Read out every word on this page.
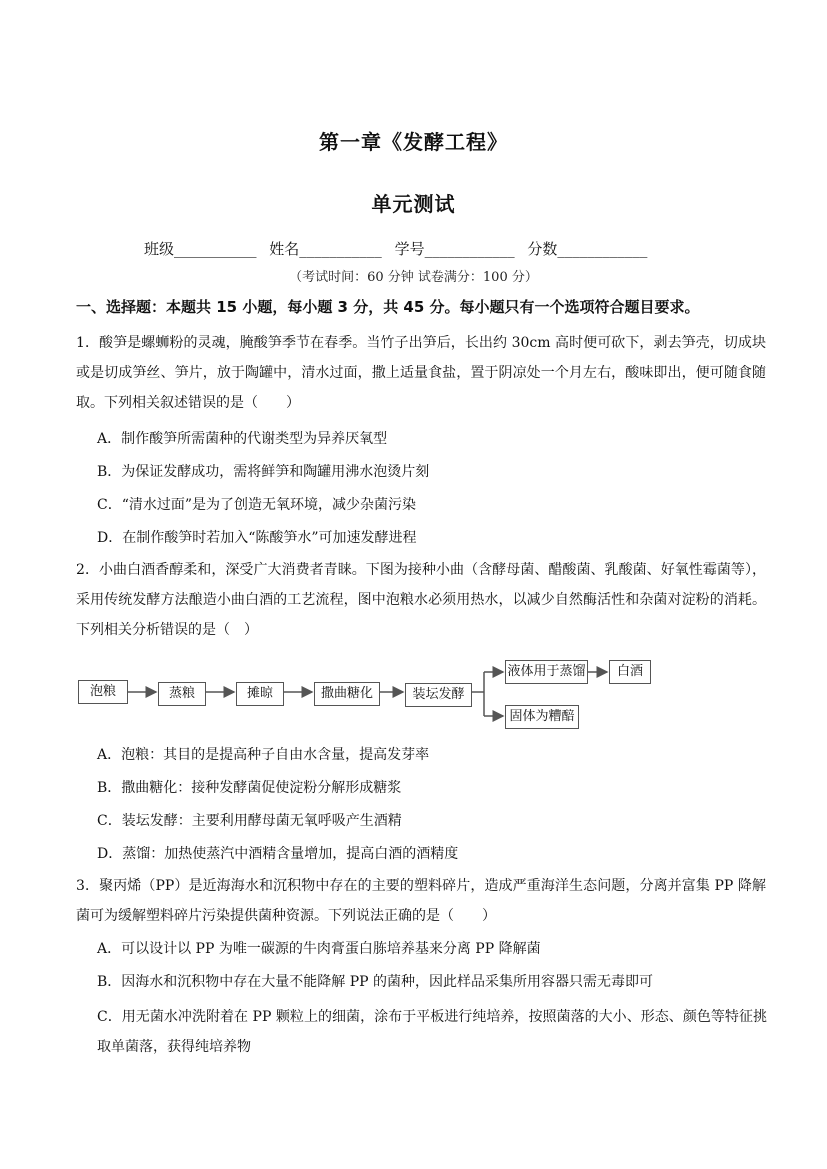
第一章《发酵工程》
单元测试
班级___________ 姓名___________ 学号____________ 分数____________
（考试时间：60 分钟 试卷满分：100 分）
一、选择题：本题共 15 小题，每小题 3 分，共 45 分。每小题只有一个选项符合题目要求。
1．酸笋是螺蛳粉的灵魂，腌酸笋季节在春季。当竹子出笋后，长出约 30cm 高时便可砍下，剥去笋壳，切成块或是切成笋丝、笋片，放于陶罐中，清水过面，撒上适量食盐，置于阴凉处一个月左右，酸味即出，便可随食随取。下列相关叙述错误的是（　　）
A．制作酸笋所需菌种的代谢类型为异养厌氧型
B．为保证发酵成功，需将鲜笋和陶罐用沸水泡烫片刻
C．“清水过面”是为了创造无氧环境，减少杂菌污染
D．在制作酸笋时若加入“陈酸笋水”可加速发酵进程
2．小曲白酒香醇柔和，深受广大消费者青睐。下图为接种小曲（含酵母菌、醋酸菌、乳酸菌、好氧性霉菌等），采用传统发酵方法酿造小曲白酒的工艺流程，图中泡粮水必须用热水，以减少自然酶活性和杂菌对淀粉的消耗。下列相关分析错误的是（　）
泡粮	蒸粮	摊晾	撒曲糖化	装坛发酵
液体用于蒸馏	白酒
固体为糟醅
A．泡粮：其目的是提高种子自由水含量，提高发芽率
B．撒曲糖化：接种发酵菌促使淀粉分解形成糖浆
C．装坛发酵：主要利用酵母菌无氧呼吸产生酒精
D．蒸馏：加热使蒸汽中酒精含量增加，提高白酒的酒精度
3．聚丙烯（PP）是近海海水和沉积物中存在的主要的塑料碎片，造成严重海洋生态问题，分离并富集 PP 降解菌可为缓解塑料碎片污染提供菌种资源。下列说法正确的是（　　）
A．可以设计以 PP 为唯一碳源的牛肉膏蛋白胨培养基来分离 PP 降解菌
B．因海水和沉积物中存在大量不能降解 PP 的菌种，因此样品采集所用容器只需无毒即可
C．用无菌水冲洗附着在 PP 颗粒上的细菌，涂布于平板进行纯培养，按照菌落的大小、形态、颜色等特征挑取单菌落，获得纯培养物
